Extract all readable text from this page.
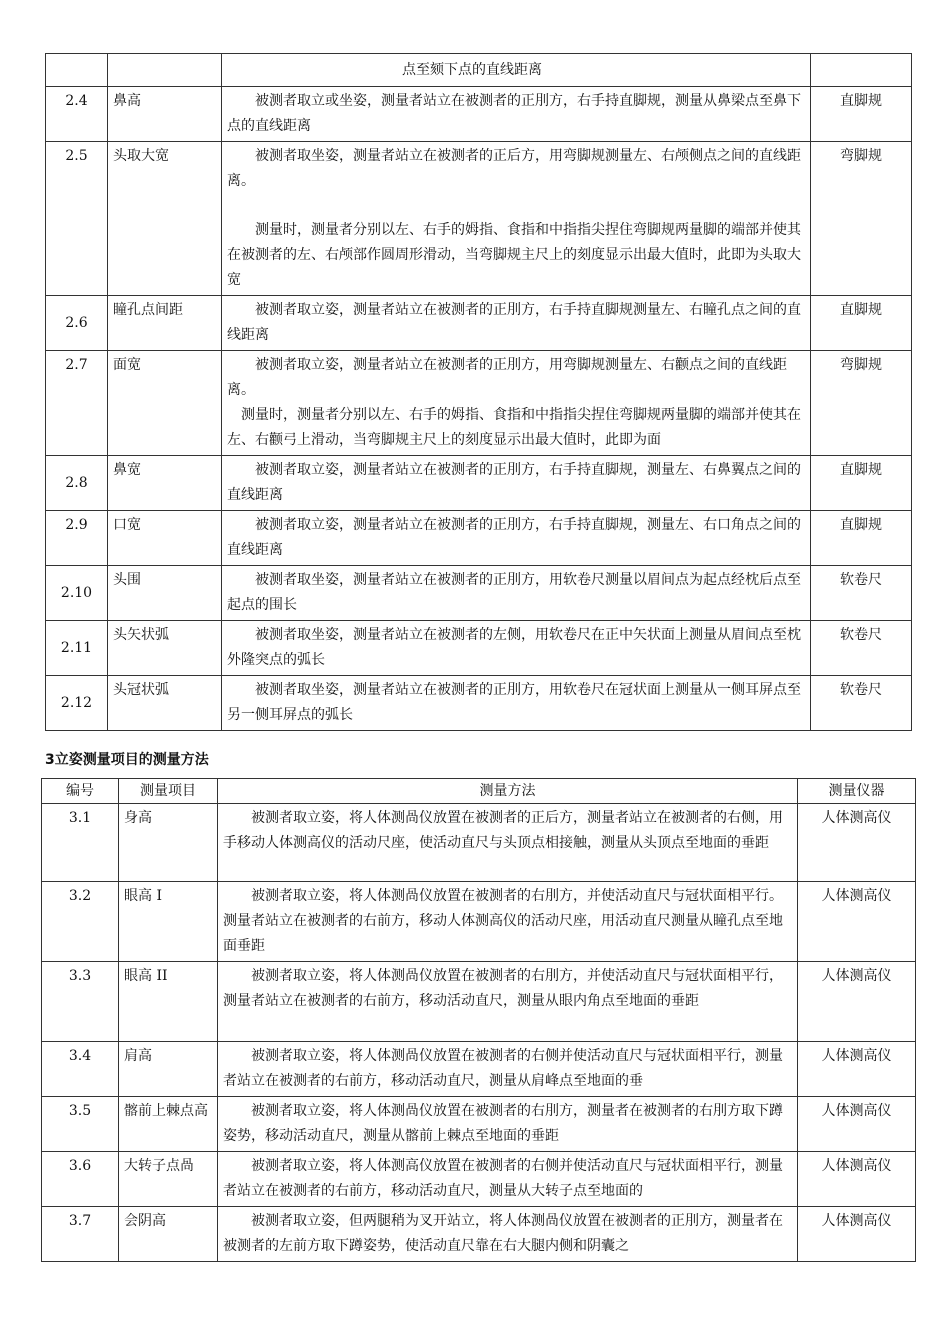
		点至颏下点的直线距离	
2.4	鼻高	被测者取立或坐姿，测量者站立在被测者的正刖方，右手持直脚规，测量从鼻梁点至鼻下点的直线距离	直脚规
2.5	头取大宽	被测者取坐姿，测量者站立在被测者的正后方，用弯脚规测量左、右颅侧点之间的直线距离。

测量时，测量者分别以左、右手的姆指、食指和中指指尖捏住弯脚规两量脚的端部并使其在被测者的左、右颅部作圆周形滑动，当弯脚规主尺上的刻度显示出最大值时，此即为头取大宽	弯脚规
2.6	瞳孔点间距	被测者取立姿，测量者站立在被测者的正刖方，右手持直脚规测量左、右瞳孔点之间的直线距离	直脚规
2.7	面宽	被测者取立姿，测量者站立在被测者的正刖方，用弯脚规测量左、右颧点之间的直线距离。

测量时，测量者分别以左、右手的姆指、食指和中指指尖捏住弯脚规两量脚的端部并使其在左、右颧弓上滑动，当弯脚规主尺上的刻度显示出最大值时，此即为面	弯脚规
2.8	鼻宽	被测者取立姿，测量者站立在被测者的正刖方，右手持直脚规，测量左、右鼻翼点之间的直线距离	直脚规
2.9	口宽	被测者取立姿，测量者站立在被测者的正刖方，右手持直脚规，测量左、右口角点之间的直线距离	直脚规
2.10	头围	被测者取坐姿，测量者站立在被测者的正刖方，用软卷尺测量以眉间点为起点经枕后点至起点的围长	软卷尺
2.11	头矢状弧	被测者取坐姿，测量者站立在被测者的左侧，用软卷尺在正中矢状面上测量从眉间点至枕外隆突点的弧长	软卷尺
2.12	头冠状弧	被测者取坐姿，测量者站立在被测者的正刖方，用软卷尺在冠状面上测量从一侧耳屏点至另一侧耳屏点的弧长	软卷尺
3立姿测量项目的测量方法
编号	测量项目	测量方法	测量仪器
3.1	身高	被测者取立姿，将人体测咼仪放置在被测者的正后方，测量者站立在被测者的右侧，用手移动人体测高仪的活动尺座，使活动直尺与头顶点相接触，测量从头顶点至地面的垂距	人体测高仪
3.2	眼高 I	被测者取立姿，将人体测咼仪放置在被测者的右刖方，并使活动直尺与冠状面相平行。测量者站立在被测者的右前方，移动人体测高仪的活动尺座，用活动直尺测量从瞳孔点至地面垂距	人体测高仪
3.3	眼高 II	被测者取立姿，将人体测咼仪放置在被测者的右刖方，并使活动直尺与冠状面相平行，测量者站立在被测者的右前方，移动活动直尺，测量从眼内角点至地面的垂距	人体测高仪
3.4	肩高	被测者取立姿，将人体测咼仪放置在被测者的右侧并使活动直尺与冠状面相平行，测量者站立在被测者的右前方，移动活动直尺，测量从肩峰点至地面的垂	人体测高仪
3.5	髂前上棘点高	被测者取立姿，将人体测咼仪放置在被测者的右刖方，测量者在被测者的右刖方取下蹲姿势，移动活动直尺，测量从髂前上棘点至地面的垂距	人体测高仪
3.6	大转子点咼	被测者取立姿，将人体测高仪放置在被测者的右侧并使活动直尺与冠状面相平行，测量者站立在被测者的右前方，移动活动直尺，测量从大转子点至地面的	人体测高仪
3.7	会阴高	被测者取立姿，但两腿稍为叉开站立，将人体测咼仪放置在被测者的正刖方，测量者在被测者的左前方取下蹲姿势，使活动直尺靠在右大腿内侧和阴囊之	人体测高仪
